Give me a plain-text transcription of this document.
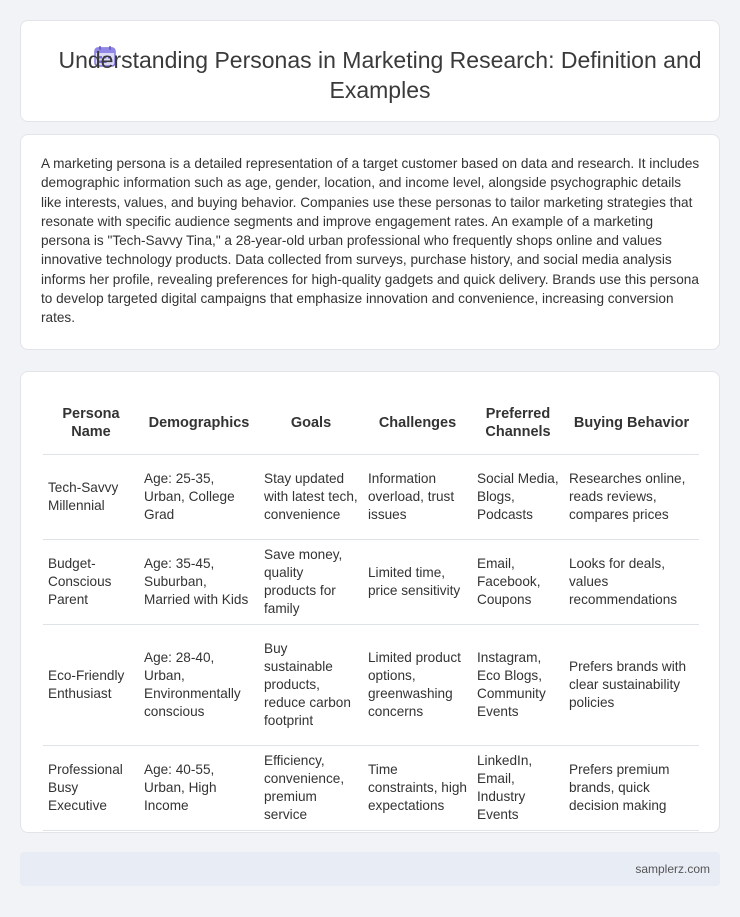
Understanding Personas in Marketing Research: Definition and Examples

A marketing persona is a detailed representation of a target customer based on data and research. It includes demographic information such as age, gender, location, and income level, alongside psychographic details like interests, values, and buying behavior. Companies use these personas to tailor marketing strategies that resonate with specific audience segments and improve engagement rates. An example of a marketing persona is "Tech-Savvy Tina," a 28-year-old urban professional who frequently shops online and values innovative technology products. Data collected from surveys, purchase history, and social media analysis informs her profile, revealing preferences for high-quality gadgets and quick delivery. Brands use this persona to develop targeted digital campaigns that emphasize innovation and convenience, increasing conversion rates.

Persona Name	Demographics	Goals	Challenges	Preferred Channels	Buying Behavior
Tech-Savvy Millennial	Age: 25-35, Urban, College Grad	Stay updated with latest tech, convenience	Information overload, trust issues	Social Media, Blogs, Podcasts	Researches online, reads reviews, compares prices
Budget-Conscious Parent	Age: 35-45, Suburban, Married with Kids	Save money, quality products for family	Limited time, price sensitivity	Email, Facebook, Coupons	Looks for deals, values recommendations
Eco-Friendly Enthusiast	Age: 28-40, Urban, Environmentally conscious	Buy sustainable products, reduce carbon footprint	Limited product options, greenwashing concerns	Instagram, Eco Blogs, Community Events	Prefers brands with clear sustainability policies
Professional Busy Executive	Age: 40-55, Urban, High Income	Efficiency, convenience, premium service	Time constraints, high expectations	LinkedIn, Email, Industry Events	Prefers premium brands, quick decision making
samplerz.com
